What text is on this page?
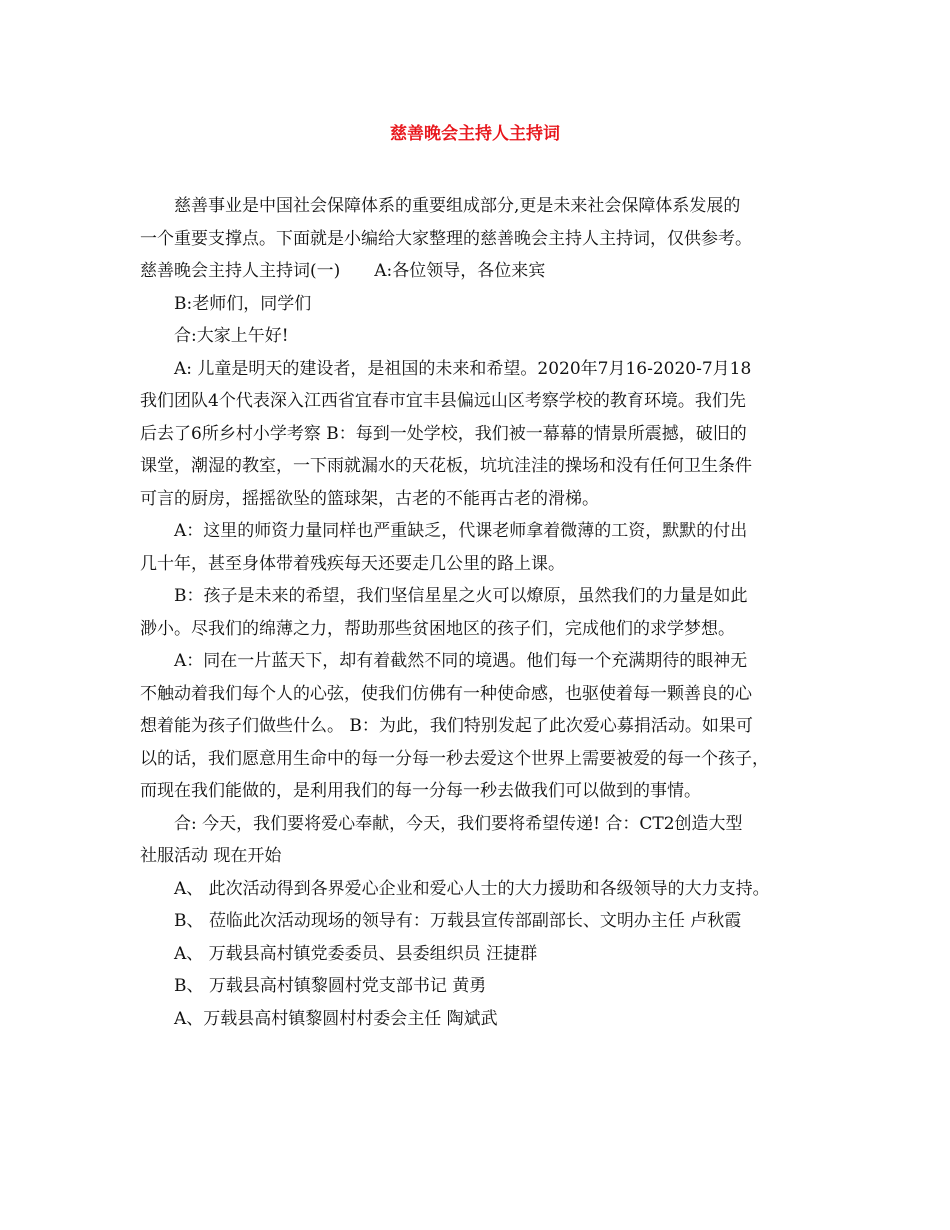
慈善晚会主持人主持词

慈善事业是中国社会保障体系的重要组成部分,更是未来社会保障体系发展的

一个重要支撑点。下面就是小编给大家整理的慈善晚会主持人主持词，仅供参考。

慈善晚会主持人主持词(一)　　A:各位领导，各位来宾

B:老师们，同学们

合:大家上午好!

A: 儿童是明天的建设者，是祖国的未来和希望。2020年7月16-2020-7月18

我们团队4个代表深入江西省宜春市宜丰县偏远山区考察学校的教育环境。我们先

后去了6所乡村小学考察 B：每到一处学校，我们被一幕幕的情景所震撼，破旧的

课堂，潮湿的教室，一下雨就漏水的天花板，坑坑洼洼的操场和没有任何卫生条件

可言的厨房，摇摇欲坠的篮球架，古老的不能再古老的滑梯。

A：这里的师资力量同样也严重缺乏，代课老师拿着微薄的工资，默默的付出

几十年，甚至身体带着残疾每天还要走几公里的路上课。

B：孩子是未来的希望，我们坚信星星之火可以燎原，虽然我们的力量是如此

渺小。尽我们的绵薄之力，帮助那些贫困地区的孩子们，完成他们的求学梦想。

A：同在一片蓝天下，却有着截然不同的境遇。他们每一个充满期待的眼神无

不触动着我们每个人的心弦，使我们仿佛有一种使命感，也驱使着每一颗善良的心

想着能为孩子们做些什么。 B：为此，我们特别发起了此次爱心募捐活动。如果可

以的话，我们愿意用生命中的每一分每一秒去爱这个世界上需要被爱的每一个孩子，

而现在我们能做的，是利用我们的每一分每一秒去做我们可以做到的事情。

合: 今天，我们要将爱心奉献，今天，我们要将希望传递! 合：CT2创造大型

社服活动 现在开始

A、 此次活动得到各界爱心企业和爱心人士的大力援助和各级领导的大力支持。

B、 莅临此次活动现场的领导有：万载县宣传部副部长、文明办主任 卢秋霞

A、 万载县高村镇党委委员、县委组织员 汪捷群

B、 万载县高村镇黎圆村党支部书记 黄勇

A、万载县高村镇黎圆村村委会主任 陶斌武
